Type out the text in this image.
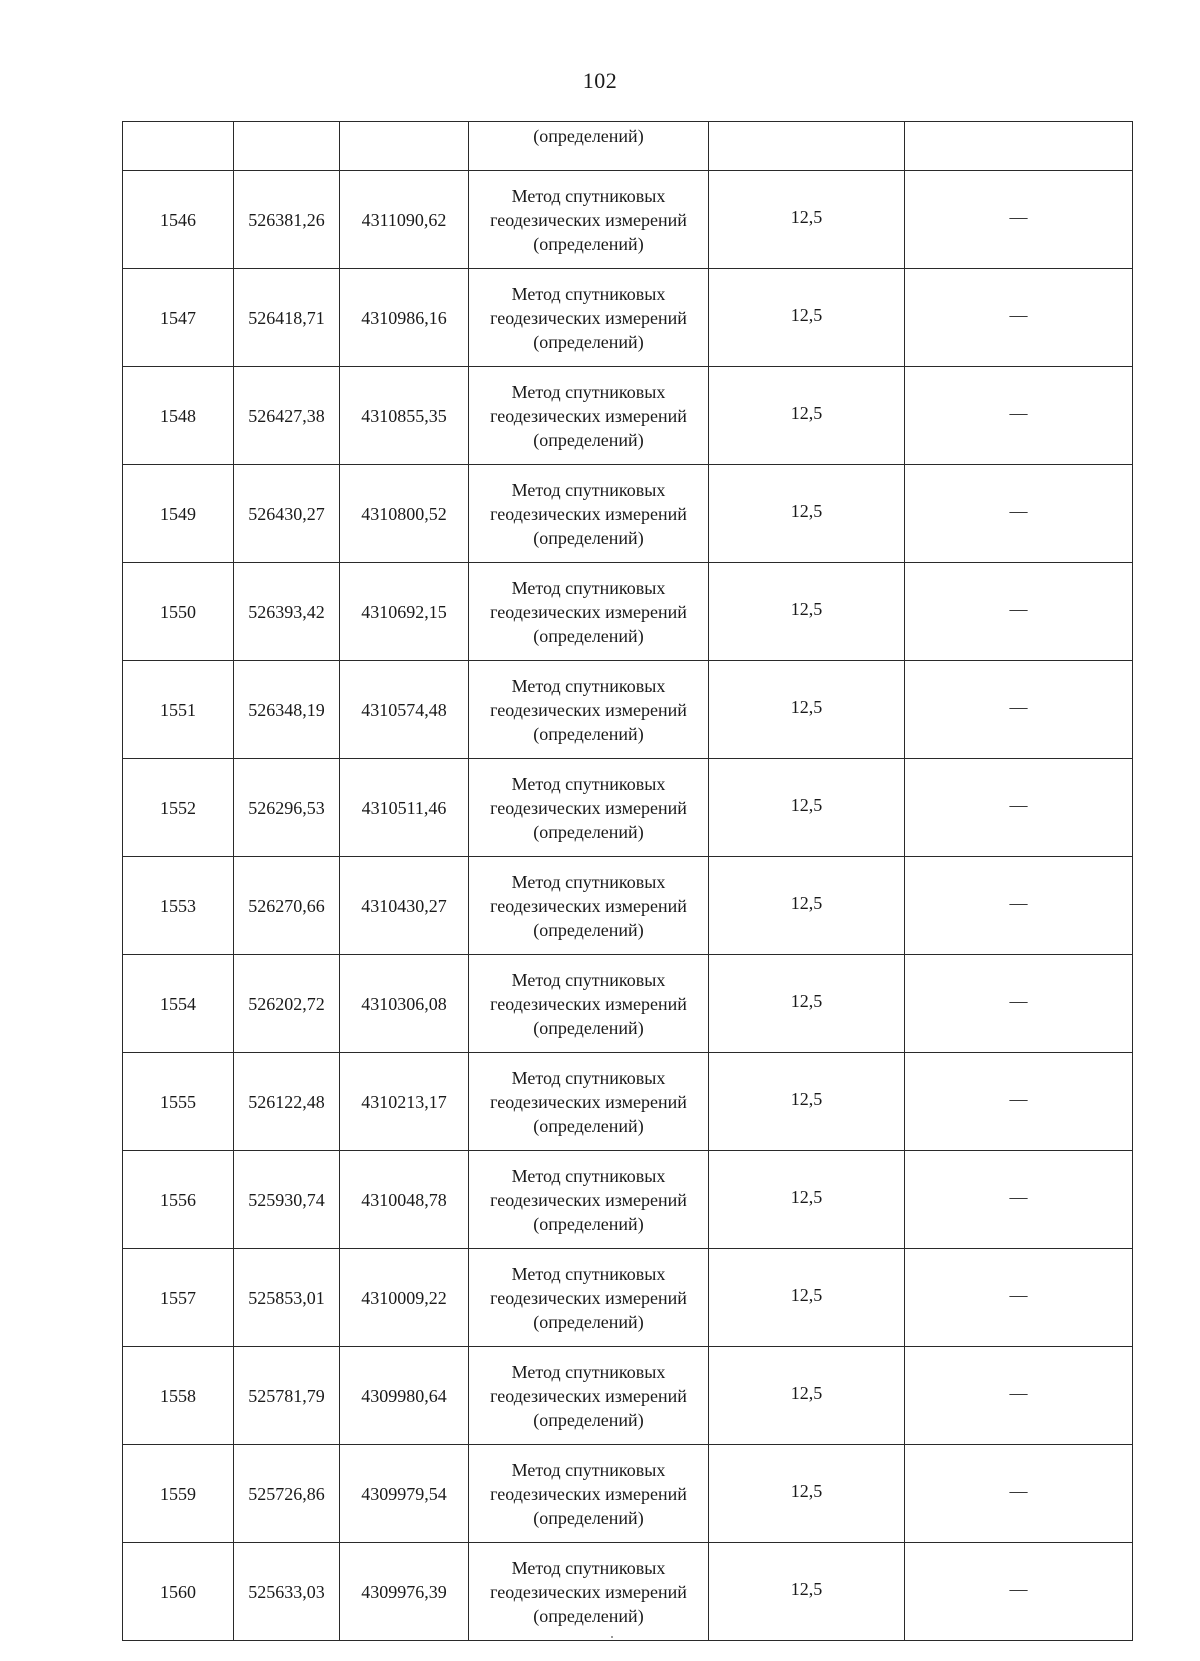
102
			(определений)		
1546	526381,26	4311090,62	Метод спутниковых
геодезических измерений
(определений)	12,5	—
1547	526418,71	4310986,16	Метод спутниковых
геодезических измерений
(определений)	12,5	—
1548	526427,38	4310855,35	Метод спутниковых
геодезических измерений
(определений)	12,5	—
1549	526430,27	4310800,52	Метод спутниковых
геодезических измерений
(определений)	12,5	—
1550	526393,42	4310692,15	Метод спутниковых
геодезических измерений
(определений)	12,5	—
1551	526348,19	4310574,48	Метод спутниковых
геодезических измерений
(определений)	12,5	—
1552	526296,53	4310511,46	Метод спутниковых
геодезических измерений
(определений)	12,5	—
1553	526270,66	4310430,27	Метод спутниковых
геодезических измерений
(определений)	12,5	—
1554	526202,72	4310306,08	Метод спутниковых
геодезических измерений
(определений)	12,5	—
1555	526122,48	4310213,17	Метод спутниковых
геодезических измерений
(определений)	12,5	—
1556	525930,74	4310048,78	Метод спутниковых
геодезических измерений
(определений)	12,5	—
1557	525853,01	4310009,22	Метод спутниковых
геодезических измерений
(определений)	12,5	—
1558	525781,79	4309980,64	Метод спутниковых
геодезических измерений
(определений)	12,5	—
1559	525726,86	4309979,54	Метод спутниковых
геодезических измерений
(определений)	12,5	—
1560	525633,03	4309976,39	Метод спутниковых
геодезических измерений
(определений)	12,5	—
